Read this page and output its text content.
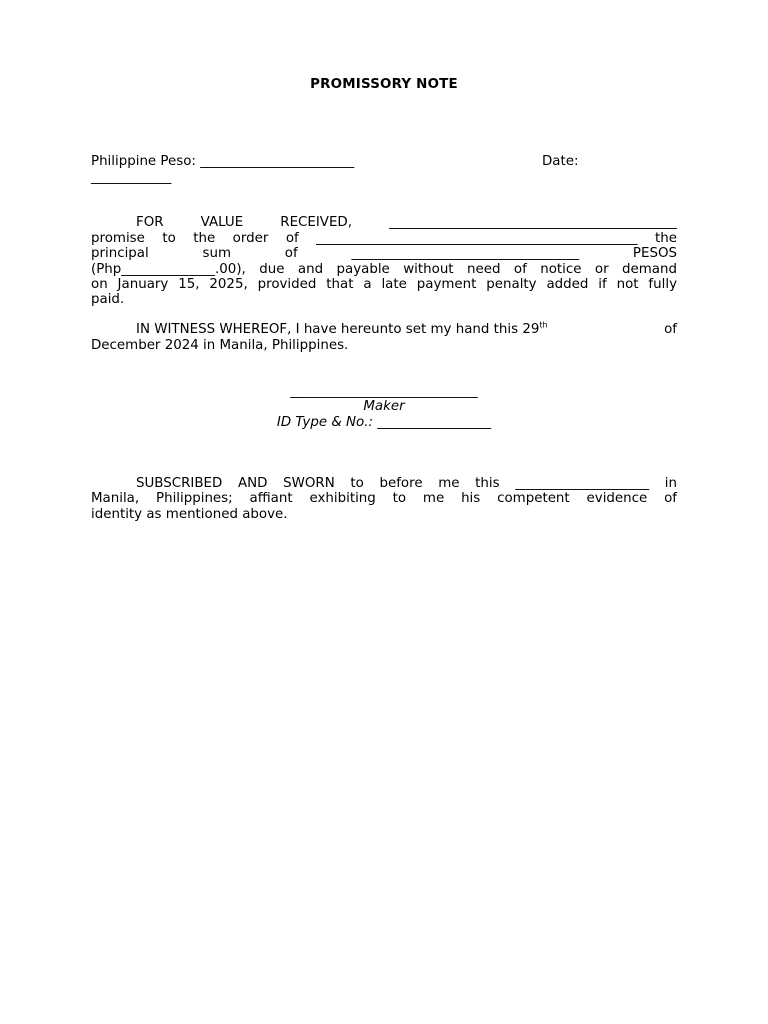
PROMISSORY NOTE
Philippine Peso: _______________________	Date:
____________
FOR VALUE RECEIVED, ___________________________________________
promise to the order of ________________________________________________ the
principal sum of __________________________________ PESOS
(Php______________.00), due and payable without need of notice or demand
on January 15, 2025, provided that a late payment penalty added if not fully
paid.
IN WITNESS WHEREOF, I have hereunto set my hand this 29th	of
December 2024 in Manila, Philippines.
____________________________
Maker
ID Type & No.: _________________
SUBSCRIBED AND SWORN to before me this ____________________ in
Manila, Philippines; affiant exhibiting to me his competent evidence of
identity as mentioned above.
